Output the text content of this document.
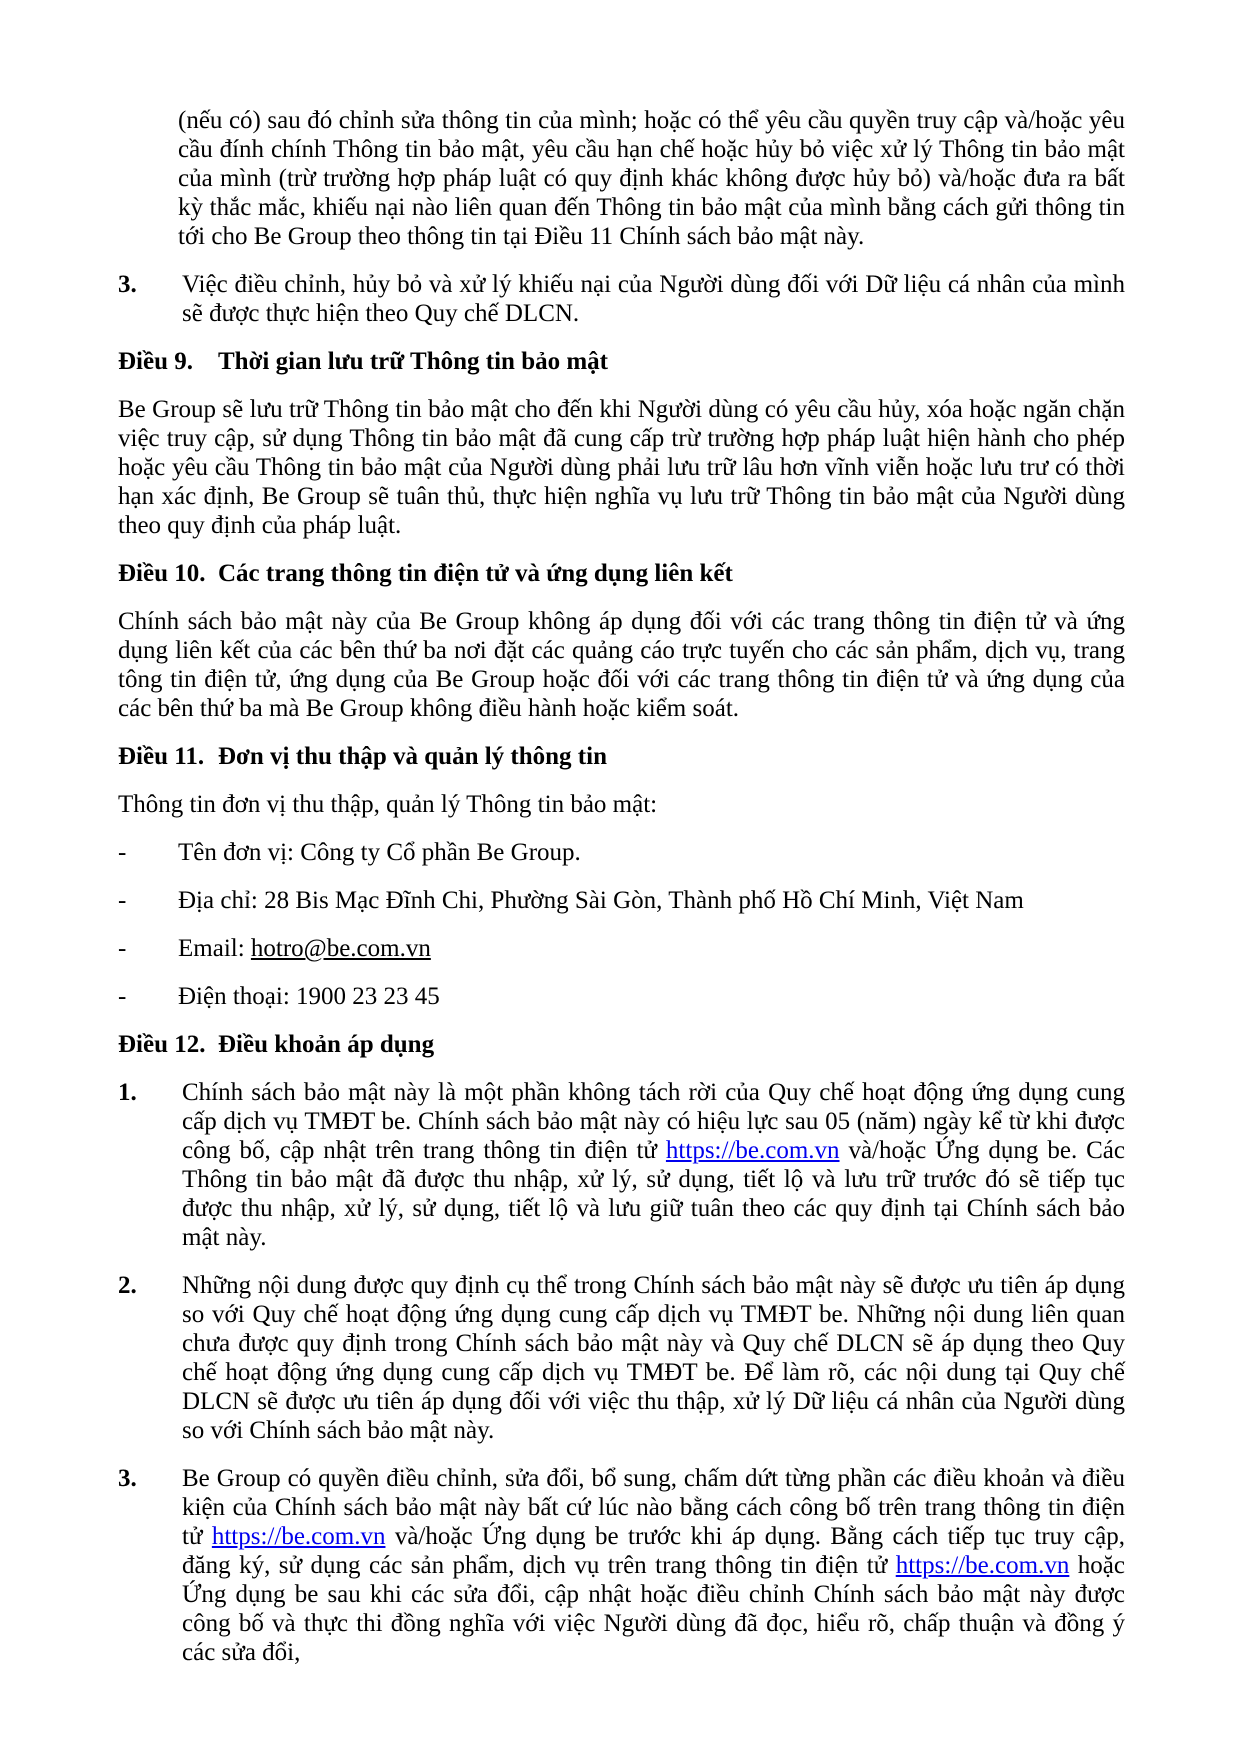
(nếu có) sau đó chỉnh sửa thông tin của mình; hoặc có thể yêu cầu quyền truy cập và/hoặc yêu cầu đính chính Thông tin bảo mật, yêu cầu hạn chế hoặc hủy bỏ việc xử lý Thông tin bảo mật của mình (trừ trường hợp pháp luật có quy định khác không được hủy bỏ) và/hoặc đưa ra bất kỳ thắc mắc, khiếu nại nào liên quan đến Thông tin bảo mật của mình bằng cách gửi thông tin tới cho Be Group theo thông tin tại Điều 11 Chính sách bảo mật này.
3.	Việc điều chỉnh, hủy bỏ và xử lý khiếu nại của Người dùng đối với Dữ liệu cá nhân của mình sẽ được thực hiện theo Quy chế DLCN.
Điều 9.	Thời gian lưu trữ Thông tin bảo mật
Be Group sẽ lưu trữ Thông tin bảo mật cho đến khi Người dùng có yêu cầu hủy, xóa hoặc ngăn chặn việc truy cập, sử dụng Thông tin bảo mật đã cung cấp trừ trường hợp pháp luật hiện hành cho phép hoặc yêu cầu Thông tin bảo mật của Người dùng phải lưu trữ lâu hơn vĩnh viễn hoặc lưu trư có thời hạn xác định, Be Group sẽ tuân thủ, thực hiện nghĩa vụ lưu trữ Thông tin bảo mật của Người dùng theo quy định của pháp luật.
Điều 10. Các trang thông tin điện tử và ứng dụng liên kết
Chính sách bảo mật này của Be Group không áp dụng đối với các trang thông tin điện tử và ứng dụng liên kết của các bên thứ ba nơi đặt các quảng cáo trực tuyến cho các sản phẩm, dịch vụ, trang tông tin điện tử, ứng dụng của Be Group hoặc đối với các trang thông tin điện tử và ứng dụng của các bên thứ ba mà Be Group không điều hành hoặc kiểm soát.
Điều 11. Đơn vị thu thập và quản lý thông tin
Thông tin đơn vị thu thập, quản lý Thông tin bảo mật:
-	Tên đơn vị: Công ty Cổ phần Be Group.
-	Địa chỉ: 28 Bis Mạc Đĩnh Chi, Phường Sài Gòn, Thành phố Hồ Chí Minh, Việt Nam
-	Email: hotro@be.com.vn
-	Điện thoại: 1900 23 23 45
Điều 12. Điều khoản áp dụng
1.	Chính sách bảo mật này là một phần không tách rời của Quy chế hoạt động ứng dụng cung cấp dịch vụ TMĐT be. Chính sách bảo mật này có hiệu lực sau 05 (năm) ngày kể từ khi được công bố, cập nhật trên trang thông tin điện tử https://be.com.vn và/hoặc Ứng dụng be. Các Thông tin bảo mật đã được thu nhập, xử lý, sử dụng, tiết lộ và lưu trữ trước đó sẽ tiếp tục được thu nhập, xử lý, sử dụng, tiết lộ và lưu giữ tuân theo các quy định tại Chính sách bảo mật này.
2.	Những nội dung được quy định cụ thể trong Chính sách bảo mật này sẽ được ưu tiên áp dụng so với Quy chế hoạt động ứng dụng cung cấp dịch vụ TMĐT be. Những nội dung liên quan chưa được quy định trong Chính sách bảo mật này và Quy chế DLCN sẽ áp dụng theo Quy chế hoạt động ứng dụng cung cấp dịch vụ TMĐT be. Để làm rõ, các nội dung tại Quy chế DLCN sẽ được ưu tiên áp dụng đối với việc thu thập, xử lý Dữ liệu cá nhân của Người dùng so với Chính sách bảo mật này.
3.	Be Group có quyền điều chỉnh, sửa đổi, bổ sung, chấm dứt từng phần các điều khoản và điều kiện của Chính sách bảo mật này bất cứ lúc nào bằng cách công bố trên trang thông tin điện tử https://be.com.vn và/hoặc Ứng dụng be trước khi áp dụng. Bằng cách tiếp tục truy cập, đăng ký, sử dụng các sản phẩm, dịch vụ trên trang thông tin điện tử https://be.com.vn hoặc Ứng dụng be sau khi các sửa đổi, cập nhật hoặc điều chỉnh Chính sách bảo mật này được công bố và thực thi đồng nghĩa với việc Người dùng đã đọc, hiểu rõ, chấp thuận và đồng ý các sửa đổi,
